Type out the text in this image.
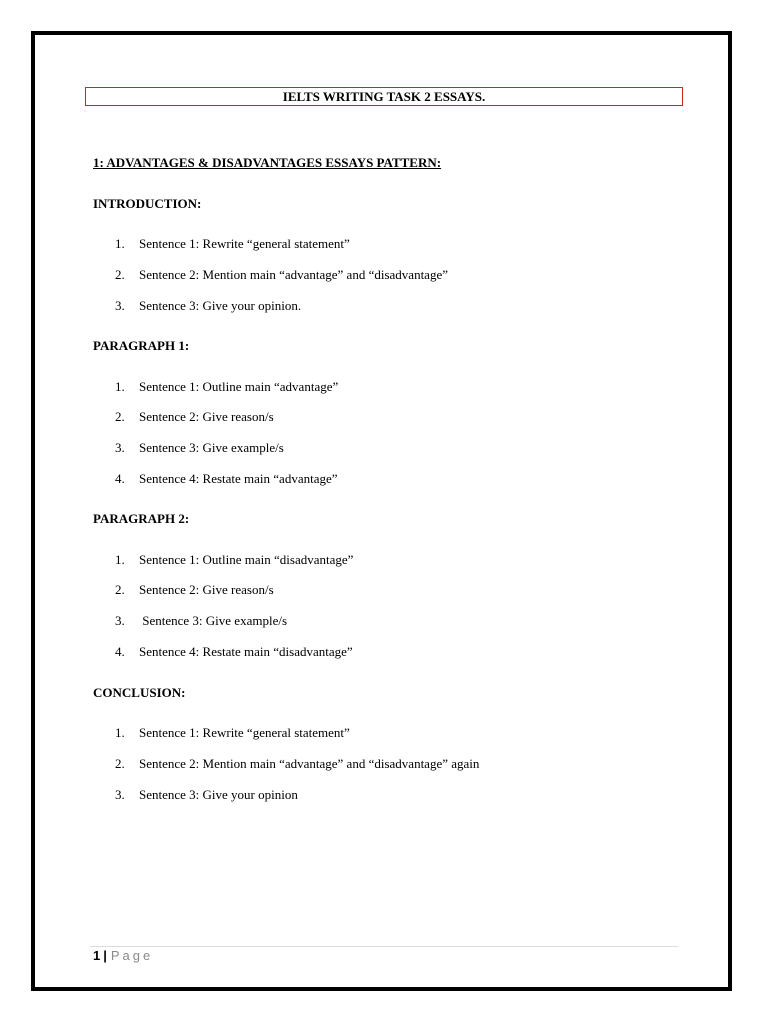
IELTS WRITING TASK 2 ESSAYS.
1: ADVANTAGES & DISADVANTAGES ESSAYS PATTERN:
INTRODUCTION:
1. Sentence 1: Rewrite “general statement”
2. Sentence 2: Mention main “advantage” and “disadvantage”
3. Sentence 3: Give your opinion.
PARAGRAPH 1:
1. Sentence 1: Outline main “advantage”
2. Sentence 2: Give reason/s
3. Sentence 3: Give example/s
4. Sentence 4: Restate main “advantage”
PARAGRAPH 2:
1. Sentence 1: Outline main “disadvantage”
2. Sentence 2: Give reason/s
3. Sentence 3: Give example/s
4. Sentence 4: Restate main “disadvantage”
CONCLUSION:
1. Sentence 1: Rewrite “general statement”
2. Sentence 2: Mention main “advantage” and “disadvantage” again
3. Sentence 3: Give your opinion
1 | Page
